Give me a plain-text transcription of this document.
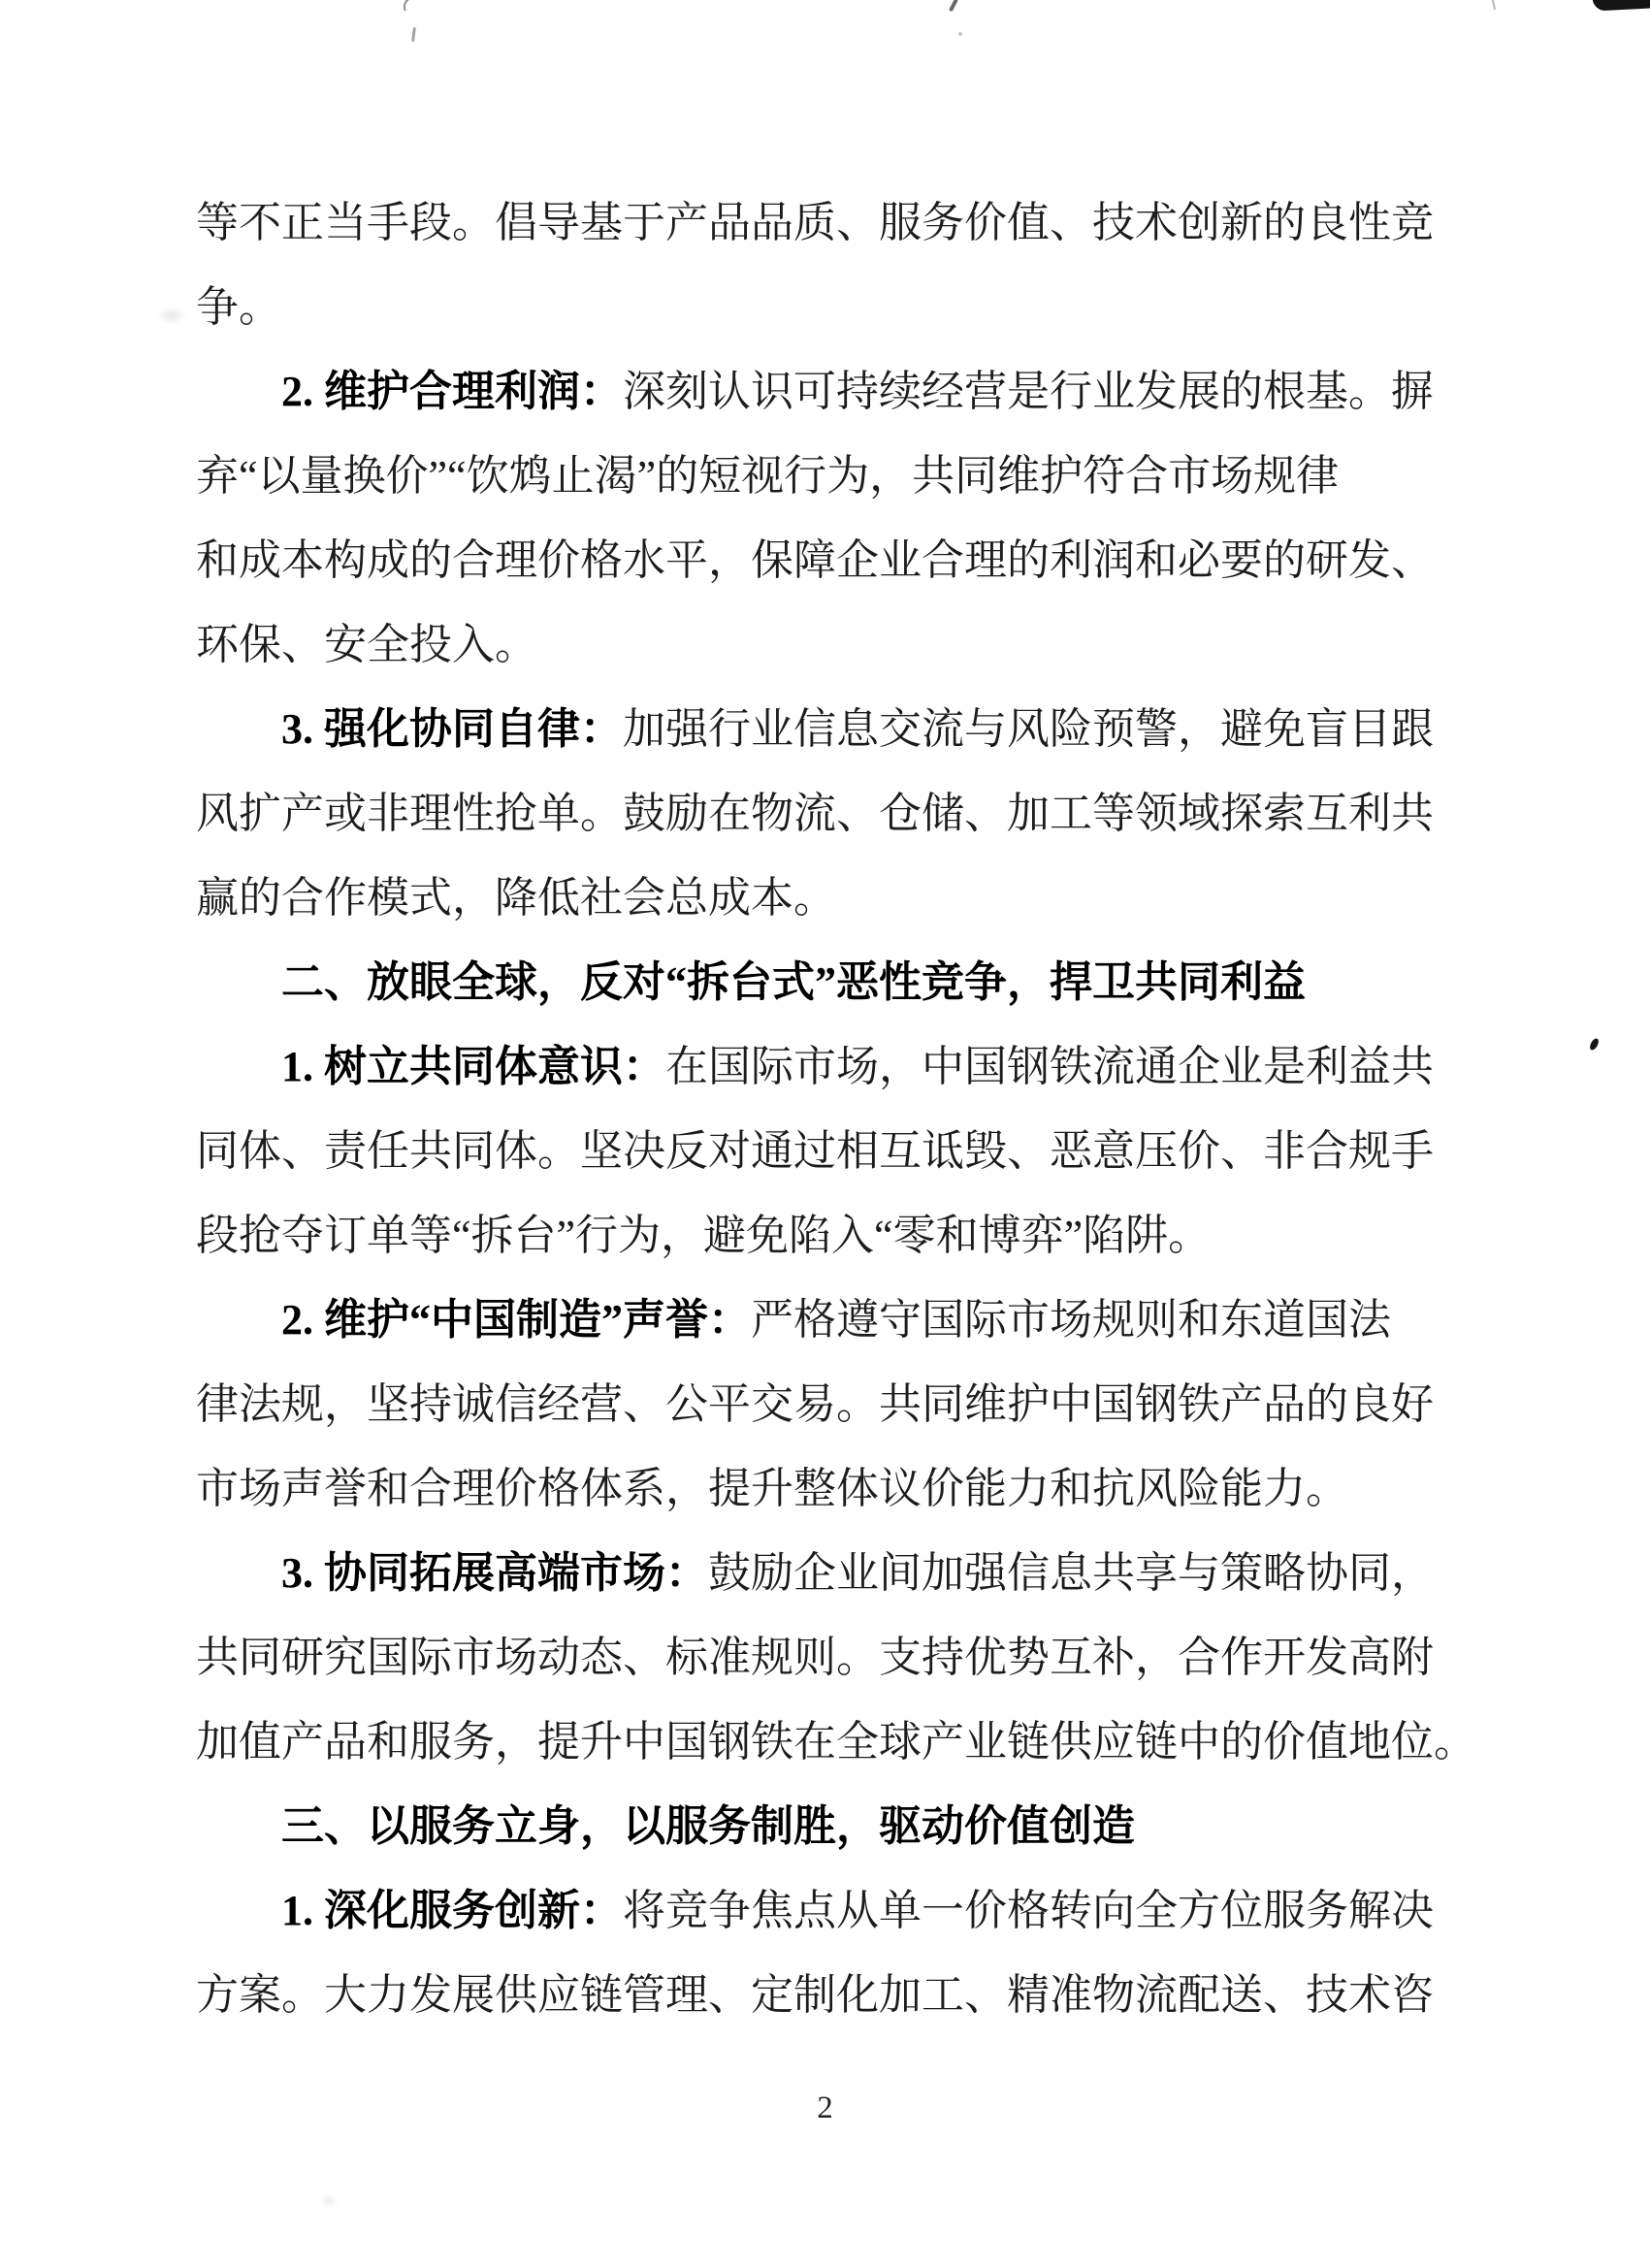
等不正当手段。倡导基于产品品质、服务价值、技术创新的良性竞
争。
2. 维护合理利润：深刻认识可持续经营是行业发展的根基。摒
弃“以量换价”“饮鸩止渴”的短视行为，共同维护符合市场规律
和成本构成的合理价格水平，保障企业合理的利润和必要的研发、
环保、安全投入。
3. 强化协同自律：加强行业信息交流与风险预警，避免盲目跟
风扩产或非理性抢单。鼓励在物流、仓储、加工等领域探索互利共
赢的合作模式，降低社会总成本。
二、放眼全球，反对“拆台式”恶性竞争，捍卫共同利益
1. 树立共同体意识：在国际市场，中国钢铁流通企业是利益共
同体、责任共同体。坚决反对通过相互诋毁、恶意压价、非合规手
段抢夺订单等“拆台”行为，避免陷入“零和博弈”陷阱。
2. 维护“中国制造”声誉：严格遵守国际市场规则和东道国法
律法规，坚持诚信经营、公平交易。共同维护中国钢铁产品的良好
市场声誉和合理价格体系，提升整体议价能力和抗风险能力。
3. 协同拓展高端市场：鼓励企业间加强信息共享与策略协同，
共同研究国际市场动态、标准规则。支持优势互补，合作开发高附
加值产品和服务，提升中国钢铁在全球产业链供应链中的价值地位。
三、以服务立身，以服务制胜，驱动价值创造
1. 深化服务创新：将竞争焦点从单一价格转向全方位服务解决
方案。大力发展供应链管理、定制化加工、精准物流配送、技术咨
2
